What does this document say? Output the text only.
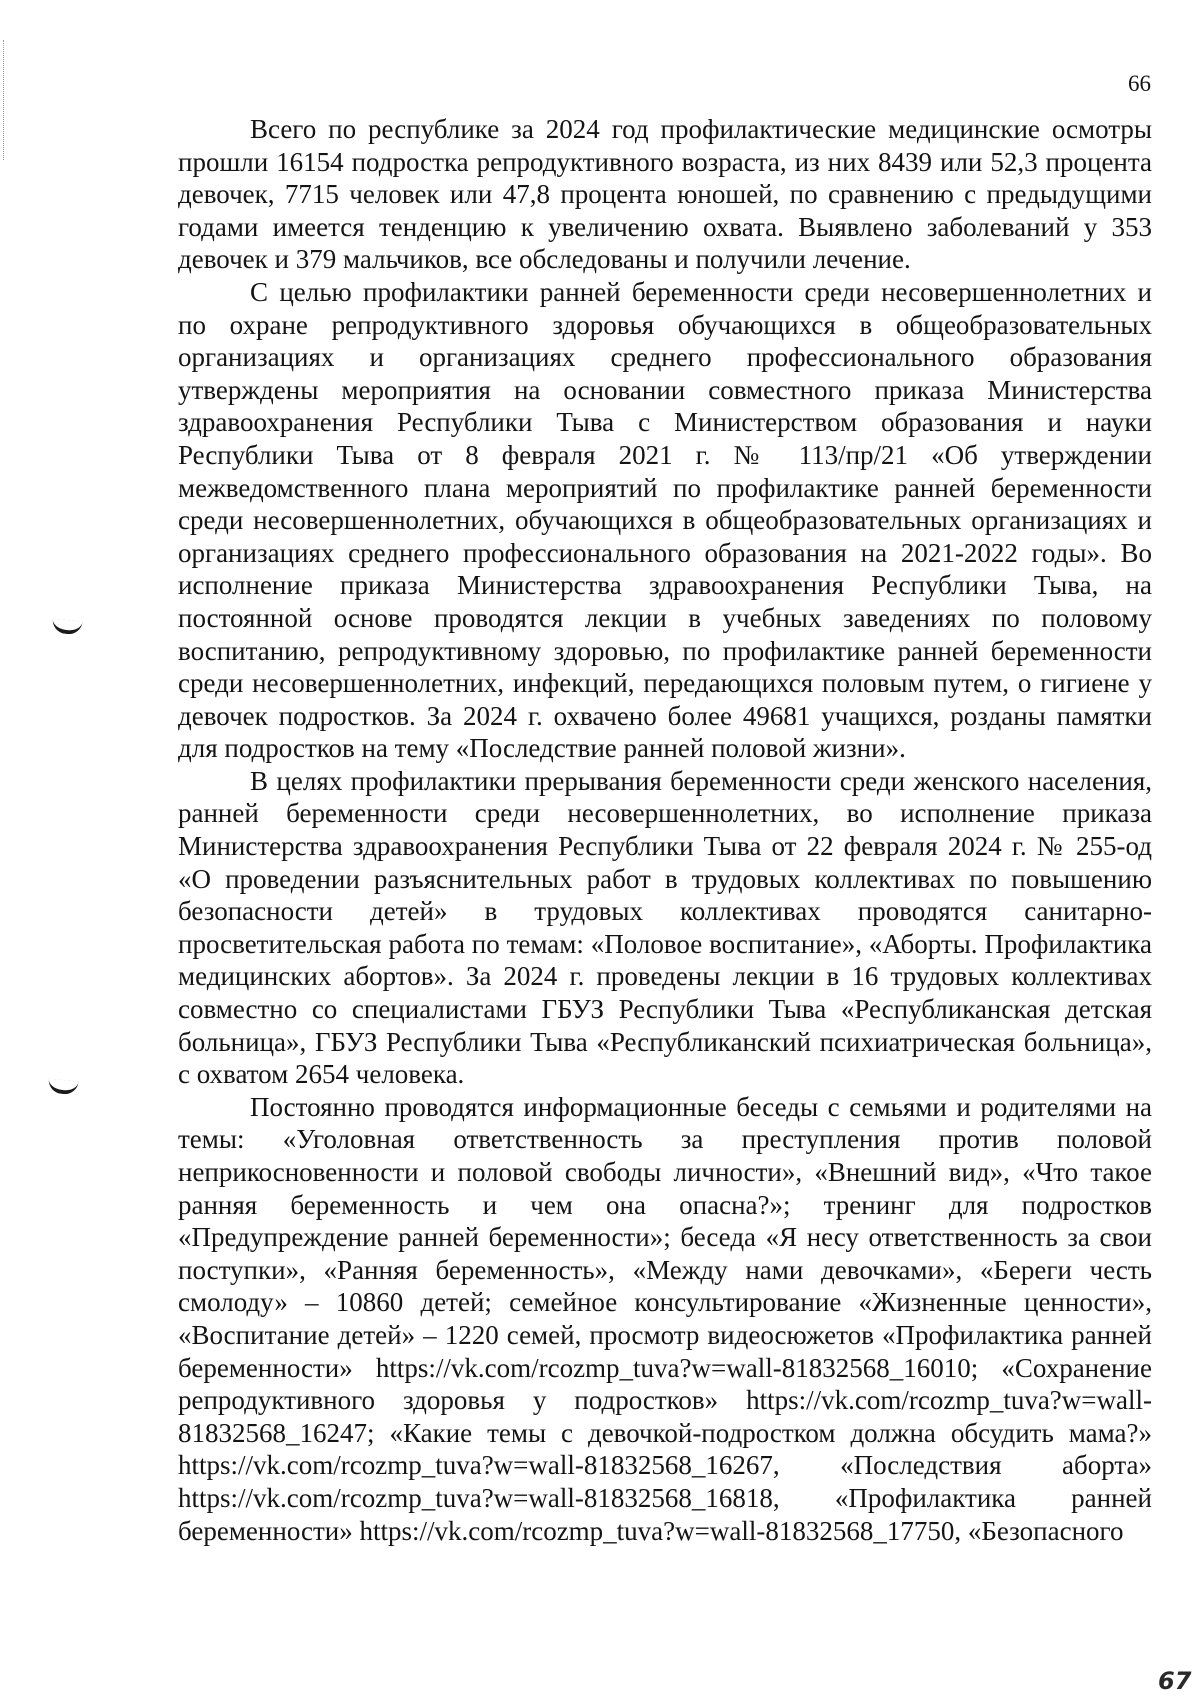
66

Всего по республике за 2024 год профилактические медицинские осмотры прошли 16154 подростка репродуктивного возраста, из них 8439 или 52,3 процента девочек, 7715 человек или 47,8 процента юношей, по сравнению с предыдущими годами имеется тенденцию к увеличению охвата. Выявлено заболеваний у 353 девочек и 379 мальчиков, все обследованы и получили лечение.

С целью профилактики ранней беременности среди несовершеннолетних и по охране репродуктивного здоровья обучающихся в общеобразовательных организациях и организациях среднего профессионального образования утверждены мероприятия на основании совместного приказа Министерства здравоохранения Республики Тыва с Министерством образования и науки Республики Тыва от 8 февраля 2021 г. № 113/пр/21 «Об утверждении межведомственного плана мероприятий по профилактике ранней беременности среди несовершеннолетних, обучающихся в общеобразовательных организациях и организациях среднего профессионального образования на 2021-2022 годы». Во исполнение приказа Министерства здравоохранения Республики Тыва, на постоянной основе проводятся лекции в учебных заведениях по половому воспитанию, репродуктивному здоровью, по профилактике ранней беременности среди несовершеннолетних, инфекций, передающихся половым путем, о гигиене у девочек подростков. За 2024 г. охвачено более 49681 учащихся, розданы памятки для подростков на тему «Последствие ранней половой жизни».

В целях профилактики прерывания беременности среди женского населения, ранней беременности среди несовершеннолетних, во исполнение приказа Министерства здравоохранения Республики Тыва от 22 февраля 2024 г. № 255-од «О проведении разъяснительных работ в трудовых коллективах по повышению безопасности детей» в трудовых коллективах проводятся санитарно-просветительская работа по темам: «Половое воспитание», «Аборты. Профилактика медицинских абортов». За 2024 г. проведены лекции в 16 трудовых коллективах совместно со специалистами ГБУЗ Республики Тыва «Республиканская детская больница», ГБУЗ Республики Тыва «Республиканский психиатрическая больница», с охватом 2654 человека.

Постоянно проводятся информационные беседы с семьями и родителями на темы: «Уголовная ответственность за преступления против половой неприкосновенности и половой свободы личности», «Внешний вид», «Что такое ранняя беременность и чем она опасна?»; тренинг для подростков «Предупреждение ранней беременности»; беседа «Я несу ответственность за свои поступки», «Ранняя беременность», «Между нами девочками», «Береги честь смолоду» – 10860 детей; семейное консультирование «Жизненные ценности», «Воспитание детей» – 1220 семей, просмотр видеосюжетов «Профилактика ранней беременности» https://vk.com/rcozmp_tuva?w=wall-81832568_16010; «Сохранение репродуктивного здоровья у подростков» https://vk.com/rcozmp_tuva?w=wall-81832568_16247; «Какие темы с девочкой-подростком должна обсудить мама?» https://vk.com/rcozmp_tuva?w=wall-81832568_16267, «Последствия аборта» https://vk.com/rcozmp_tuva?w=wall-81832568_16818, «Профилактика ранней беременности» https://vk.com/rcozmp_tuva?w=wall-81832568_17750, «Безопасного

67
